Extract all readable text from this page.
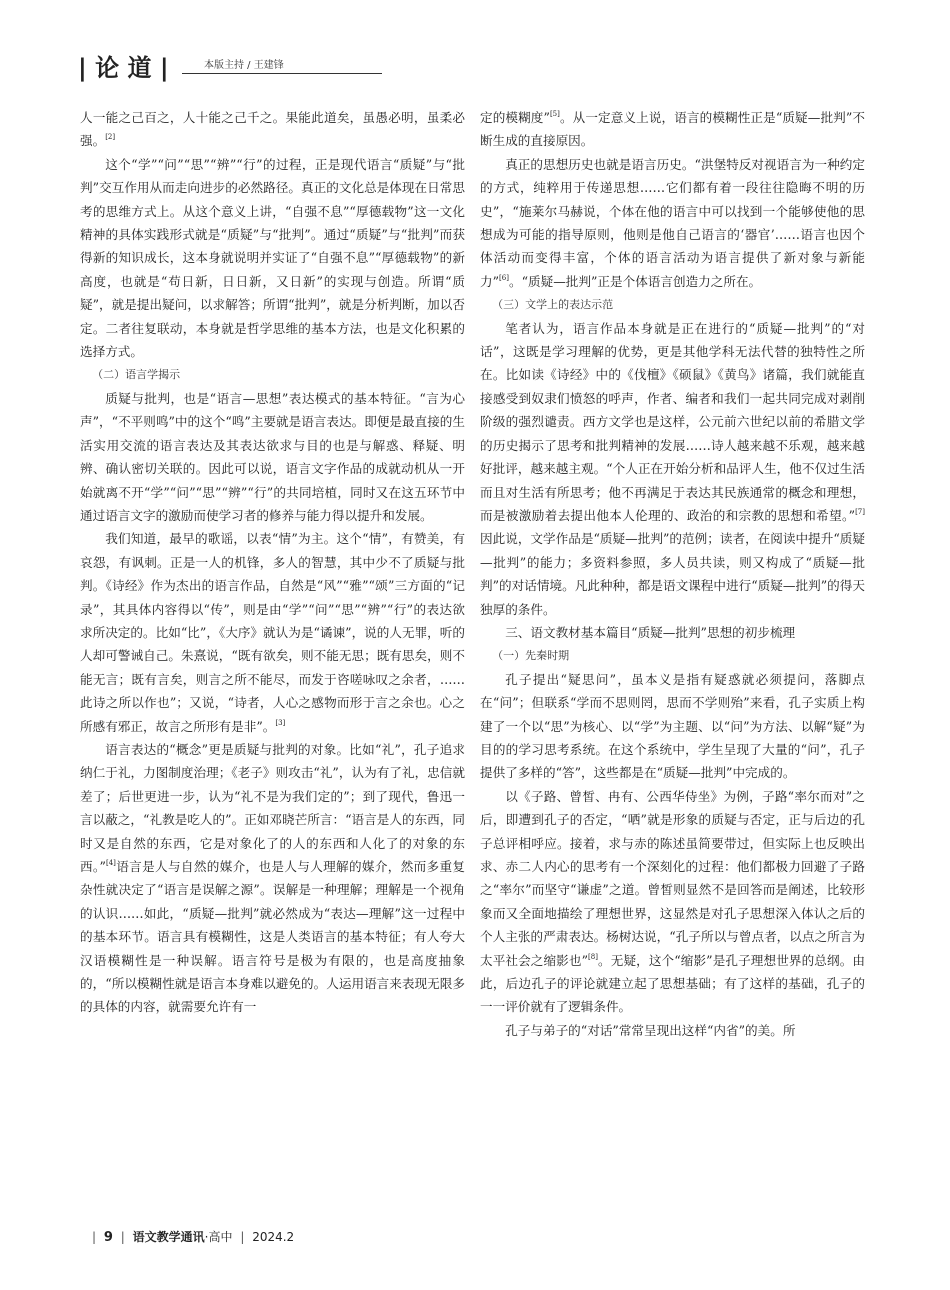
| 论 道 |	本版主持 / 王建锋

人一能之己百之，人十能之己千之。果能此道矣，虽愚必明，虽柔必强。[2]

这个“学”“问”“思”“辨”“行”的过程，正是现代语言“质疑”与“批判”交互作用从而走向进步的必然路径。真正的文化总是体现在日常思考的思维方式上。从这个意义上讲，“自强不息”“厚德载物”这一文化精神的具体实践形式就是“质疑”与“批判”。通过“质疑”与“批判”而获得新的知识成长，这本身就说明并实证了“自强不息”“厚德载物”的新高度，也就是“苟日新，日日新，又日新”的实现与创造。所谓“质疑”，就是提出疑问，以求解答；所谓“批判”，就是分析判断，加以否定。二者往复联动，本身就是哲学思维的基本方法，也是文化积累的选择方式。

（二）语言学揭示

质疑与批判，也是“语言—思想”表达模式的基本特征。“言为心声”，“不平则鸣”中的这个“鸣”主要就是语言表达。即便是最直接的生活实用交流的语言表达及其表达欲求与目的也是与解惑、释疑、明辨、确认密切关联的。因此可以说，语言文字作品的成就动机从一开始就离不开“学”“问”“思”“辨”“行”的共同培植，同时又在这五环节中通过语言文字的激励而使学习者的修养与能力得以提升和发展。

我们知道，最早的歌谣，以表“情”为主。这个“情”，有赞美，有哀怨，有讽刺。正是一人的机锋，多人的智慧，其中少不了质疑与批判。《诗经》作为杰出的语言作品，自然是“风”“雅”“颂”三方面的“记录”，其具体内容得以“传”，则是由“学”“问”“思”“辨”“行”的表达欲求所决定的。比如“比”，《大序》就认为是“谲谏”，说的人无罪，听的人却可警诫自己。朱熹说，“既有欲矣，则不能无思；既有思矣，则不能无言；既有言矣，则言之所不能尽，而发于咨嗟咏叹之余者，……此诗之所以作也”；又说，“诗者，人心之感物而形于言之余也。心之所感有邪正，故言之所形有是非”。[3]

语言表达的“概念”更是质疑与批判的对象。比如“礼”，孔子追求纳仁于礼，力图制度治理；《老子》则攻击“礼”，认为有了礼，忠信就差了；后世更进一步，认为“礼不是为我们定的”；到了现代，鲁迅一言以蔽之，“礼教是吃人的”。正如邓晓芒所言：“语言是人的东西，同时又是自然的东西，它是对象化了的人的东西和人化了的对象的东西。”[4]语言是人与自然的媒介，也是人与人理解的媒介，然而多重复杂性就决定了“语言是误解之源”。误解是一种理解；理解是一个视角的认识……如此，“质疑—批判”就必然成为“表达—理解”这一过程中的基本环节。语言具有模糊性，这是人类语言的基本特征；有人夸大汉语模糊性是一种误解。语言符号是极为有限的，也是高度抽象的，“所以模糊性就是语言本身难以避免的。人运用语言来表现无限多的具体的内容，就需要允许有一

定的模糊度”[5]。从一定意义上说，语言的模糊性正是“质疑—批判”不断生成的直接原因。

真正的思想历史也就是语言历史。“洪堡特反对视语言为一种约定的方式，纯粹用于传递思想……它们都有着一段往往隐晦不明的历史”，“施莱尔马赫说，个体在他的语言中可以找到一个能够使他的思想成为可能的指导原则，他则是他自己语言的‘器官’……语言也因个体活动而变得丰富，个体的语言活动为语言提供了新对象与新能力”[6]。“质疑—批判”正是个体语言创造力之所在。

（三）文学上的表达示范

笔者认为，语言作品本身就是正在进行的“质疑—批判”的“对话”，这既是学习理解的优势，更是其他学科无法代替的独特性之所在。比如读《诗经》中的《伐檀》《硕鼠》《黄鸟》诸篇，我们就能直接感受到奴隶们愤怒的呼声，作者、编者和我们一起共同完成对剥削阶级的强烈谴责。西方文学也是这样，公元前六世纪以前的希腊文学的历史揭示了思考和批判精神的发展……诗人越来越不乐观，越来越好批评，越来越主观。“个人正在开始分析和品评人生，他不仅过生活而且对生活有所思考；他不再满足于表达其民族通常的概念和理想，而是被激励着去提出他本人伦理的、政治的和宗教的思想和希望。”[7]因此说，文学作品是“质疑—批判”的范例；读者，在阅读中提升“质疑—批判”的能力；多资料参照，多人员共读，则又构成了“质疑—批判”的对话情境。凡此种种，都是语文课程中进行“质疑—批判”的得天独厚的条件。

三、语文教材基本篇目“质疑—批判”思想的初步梳理
（一）先秦时期

孔子提出“疑思问”，虽本义是指有疑惑就必须提问，落脚点在“问”；但联系“学而不思则罔，思而不学则殆”来看，孔子实质上构建了一个以“思”为核心、以“学”为主题、以“问”为方法、以解“疑”为目的的学习思考系统。在这个系统中，学生呈现了大量的“问”，孔子提供了多样的“答”，这些都是在“质疑—批判”中完成的。

以《子路、曾皙、冉有、公西华侍坐》为例，子路“率尔而对”之后，即遭到孔子的否定，“哂”就是形象的质疑与否定，正与后边的孔子总评相呼应。接着，求与赤的陈述虽简要带过，但实际上也反映出求、赤二人内心的思考有一个深刻化的过程：他们都极力回避了子路之“率尔”而坚守“谦虚”之道。曾皙则显然不是回答而是阐述，比较形象而又全面地描绘了理想世界，这显然是对孔子思想深入体认之后的个人主张的严肃表达。杨树达说，“孔子所以与曾点者，以点之所言为太平社会之缩影也”[8]。无疑，这个“缩影”是孔子理想世界的总纲。由此，后边孔子的评论就建立起了思想基础；有了这样的基础，孔子的一一评价就有了逻辑条件。

孔子与弟子的“对话”常常呈现出这样“内省”的美。所

| 9 | 语文教学通讯·高中 | 2024.2
